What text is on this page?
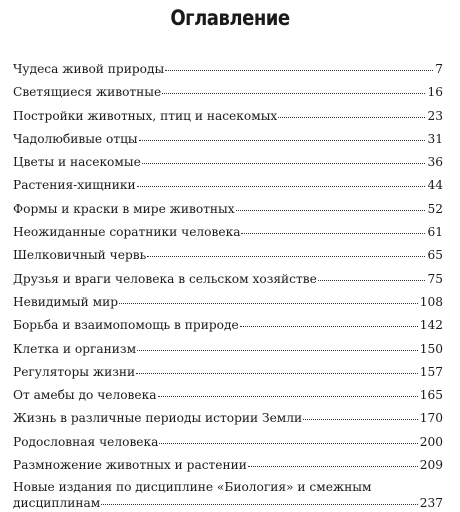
Оглавление
Чудеса живой природы	7
Светящиеся животные	16
Постройки животных, птиц и насекомых	23
Чадолюбивые отцы	31
Цветы и насекомые	36
Растения-хищники	44
Формы и краски в мире животных	52
Неожиданные соратники человека	61
Шелковичный червь	65
Друзья и враги человека в сельском хозяйстве	75
Невидимый мир	108
Борьба и взаимопомощь в природе	142
Клетка и организм	150
Регуляторы жизни	157
От амебы до человека	165
Жизнь в различные периоды истории Земли	170
Родословная человека	200
Размножение животных и растении	209
Новые издания по дисциплине «Биология» и смежным
дисциплинам	237
